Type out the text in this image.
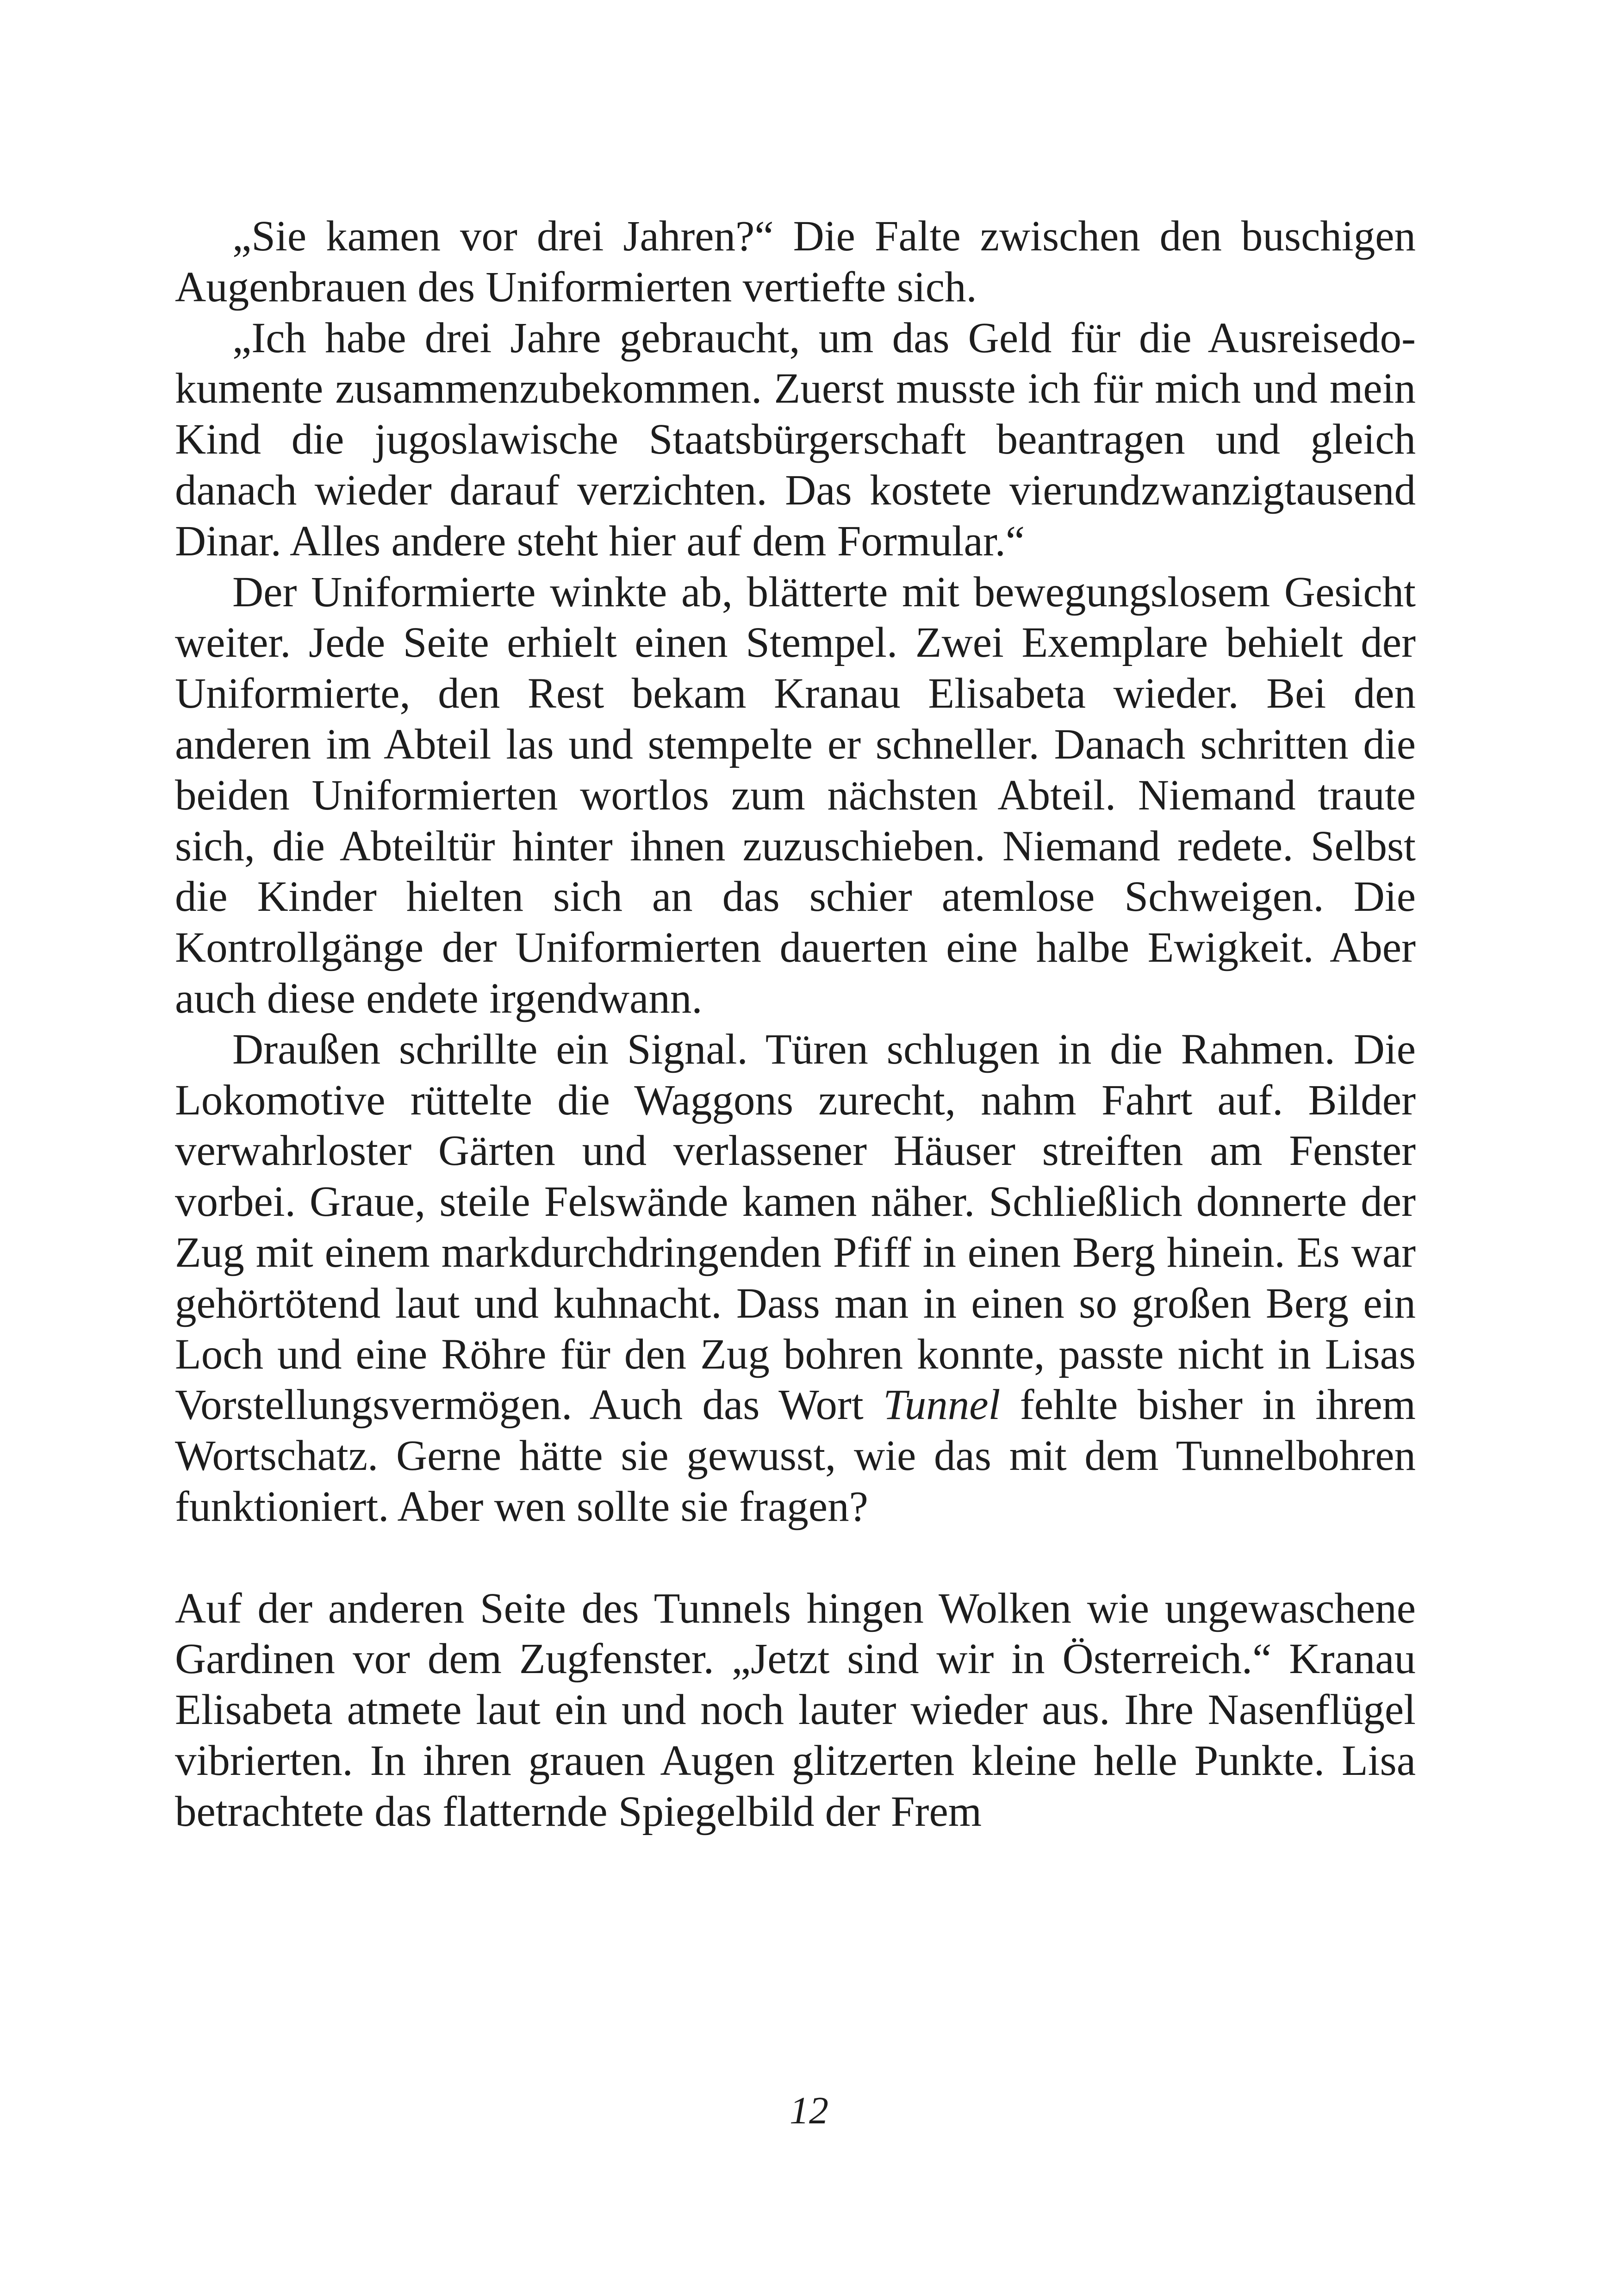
„Sie kamen vor drei Jahren?“ Die Falte zwischen den buschigen Augenbrauen des Uniformierten vertiefte sich.

„Ich habe drei Jahre gebraucht, um das Geld für die Ausreisedokumente zusammenzubekommen. Zuerst musste ich für mich und mein Kind die jugoslawische Staatsbürgerschaft beantragen und gleich danach wieder darauf verzichten. Das kostete vierundzwanzigtausend Dinar. Alles andere steht hier auf dem Formular.“

Der Uniformierte winkte ab, blätterte mit bewegungslosem Gesicht weiter. Jede Seite erhielt einen Stempel. Zwei Exemplare behielt der Uniformierte, den Rest bekam Kranau Elisabeta wieder. Bei den anderen im Abteil las und stempelte er schneller. Danach schritten die beiden Uniformierten wortlos zum nächsten Abteil. Niemand traute sich, die Abteiltür hinter ihnen zuzuschieben. Niemand redete. Selbst die Kinder hielten sich an das schier atemlose Schweigen. Die Kontrollgänge der Uniformierten dauerten eine halbe Ewigkeit. Aber auch diese endete irgendwann.

Draußen schrillte ein Signal. Türen schlugen in die Rahmen. Die Lokomotive rüttelte die Waggons zurecht, nahm Fahrt auf. Bilder verwahrloster Gärten und verlassener Häuser streiften am Fenster vorbei. Graue, steile Felswände kamen näher. Schließlich donnerte der Zug mit einem markdurchdringenden Pfiff in einen Berg hinein. Es war gehörtötend laut und kuhnacht. Dass man in einen so großen Berg ein Loch und eine Röhre für den Zug bohren konnte, passte nicht in Lisas Vorstellungsvermögen. Auch das Wort Tunnel fehlte bisher in ihrem Wortschatz. Gerne hätte sie gewusst, wie das mit dem Tunnelbohren funktioniert. Aber wen sollte sie fragen?

Auf der anderen Seite des Tunnels hingen Wolken wie ungewaschene Gardinen vor dem Zugfenster. „Jetzt sind wir in Österreich.“ Kranau Elisabeta atmete laut ein und noch lauter wieder aus. Ihre Nasenflügel vibrierten. In ihren grauen Augen glitzerten kleine helle Punkte. Lisa betrachtete das flatternde Spiegelbild der Frem

12
